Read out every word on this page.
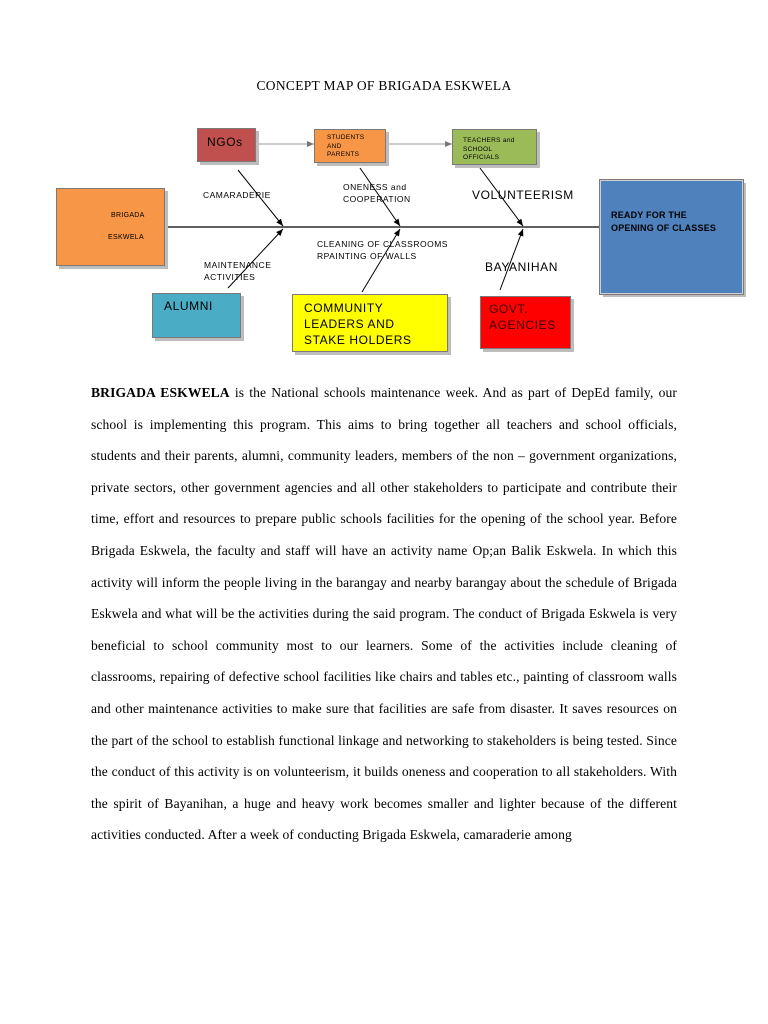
CONCEPT MAP OF BRIGADA ESKWELA
NGOs	STUDENTS AND PARENTS
TEACHERS and SCHOOL OFFICIALS
BRIGADA
ESKWELA
READY FOR THE OPENING OF CLASSES
ALUMNI	COMMUNITY LEADERS AND STAKE HOLDERS
GOVT. AGENCIES
CAMARADERIE
ONENESS and COOPERATION	VOLUNTEERISM
MAINTENANCE ACTIVITIES
CLEANING OF CLASSROOMS RPAINTING OF WALLS
BAYANIHAN
BRIGADA ESKWELA is the National schools maintenance week. And as part of DepEd family, our school is implementing this program. This aims to bring together all teachers and school officials, students and their parents, alumni, community leaders, members of the non – government organizations, private sectors, other government agencies and all other stakeholders to participate and contribute their time, effort and resources to prepare public schools facilities for the opening of the school year. Before Brigada Eskwela, the faculty and staff will have an activity name Op;an Balik Eskwela. In which this activity will inform the people living in the barangay and nearby barangay about the schedule of Brigada Eskwela and what will be the activities during the said program. The conduct of Brigada Eskwela is very beneficial to school community most to our learners. Some of the activities include cleaning of classrooms, repairing of defective school facilities like chairs and tables etc., painting of classroom walls and other maintenance activities to make sure that facilities are safe from disaster. It saves resources on the part of the school to establish functional linkage and networking to stakeholders is being tested. Since the conduct of this activity is on volunteerism, it builds oneness and cooperation to all stakeholders. With the spirit of Bayanihan, a huge and heavy work becomes smaller and lighter because of the different activities conducted. After a week of conducting Brigada Eskwela, camaraderie among
